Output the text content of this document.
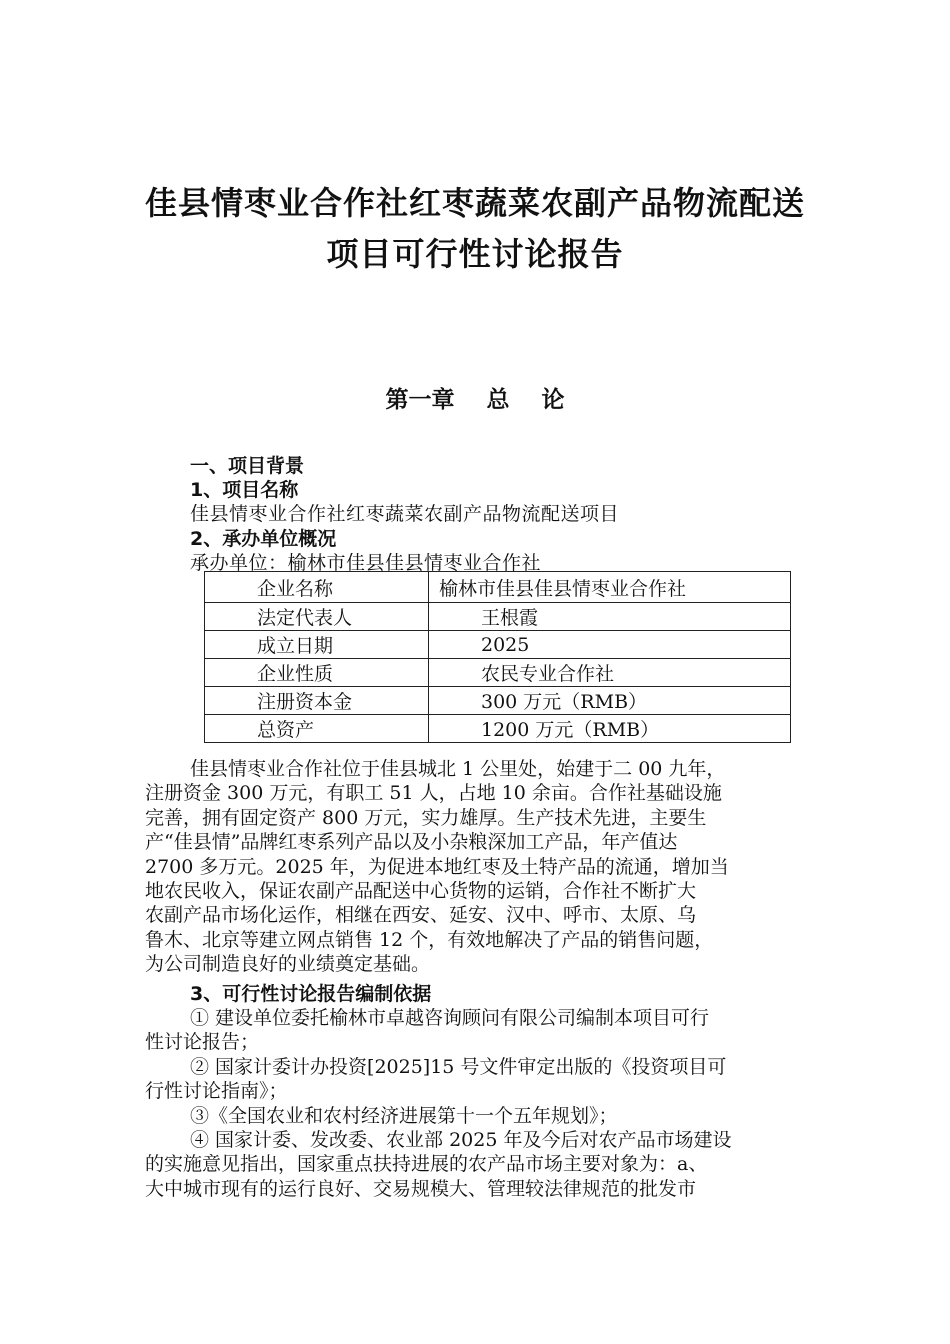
佳县情枣业合作社红枣蔬菜农副产品物流配送
项目可行性讨论报告
第一章 总 论
一、项目背景
1、项目名称
佳县情枣业合作社红枣蔬菜农副产品物流配送项目
2、承办单位概况
承办单位：榆林市佳县佳县情枣业合作社
企业名称	榆林市佳县佳县情枣业合作社
法定代表人	王根霞
成立日期	2025
企业性质	农民专业合作社
注册资本金	300 万元（RMB）
总资产	1200 万元（RMB）
佳县情枣业合作社位于佳县城北 1 公里处，始建于二 00 九年，
注册资金 300 万元，有职工 51 人，占地 10 余亩。合作社基础设施
完善，拥有固定资产 800 万元，实力雄厚。生产技术先进，主要生
产“佳县情”品牌红枣系列产品以及小杂粮深加工产品，年产值达
2700 多万元。2025 年，为促进本地红枣及土特产品的流通，增加当
地农民收入，保证农副产品配送中心货物的运销，合作社不断扩大
农副产品市场化运作，相继在西安、延安、汉中、呼市、太原、乌
鲁木、北京等建立网点销售 12 个，有效地解决了产品的销售问题，
为公司制造良好的业绩奠定基础。
3、可行性讨论报告编制依据
① 建设单位委托榆林市卓越咨询顾问有限公司编制本项目可行
性讨论报告；
② 国家计委计办投资[2025]15 号文件审定出版的《投资项目可
行性讨论指南》；
③《全国农业和农村经济进展第十一个五年规划》；
④ 国家计委、发改委、农业部 2025 年及今后对农产品市场建设
的实施意见指出，国家重点扶持进展的农产品市场主要对象为：a、
大中城市现有的运行良好、交易规模大、管理较法律规范的批发市
